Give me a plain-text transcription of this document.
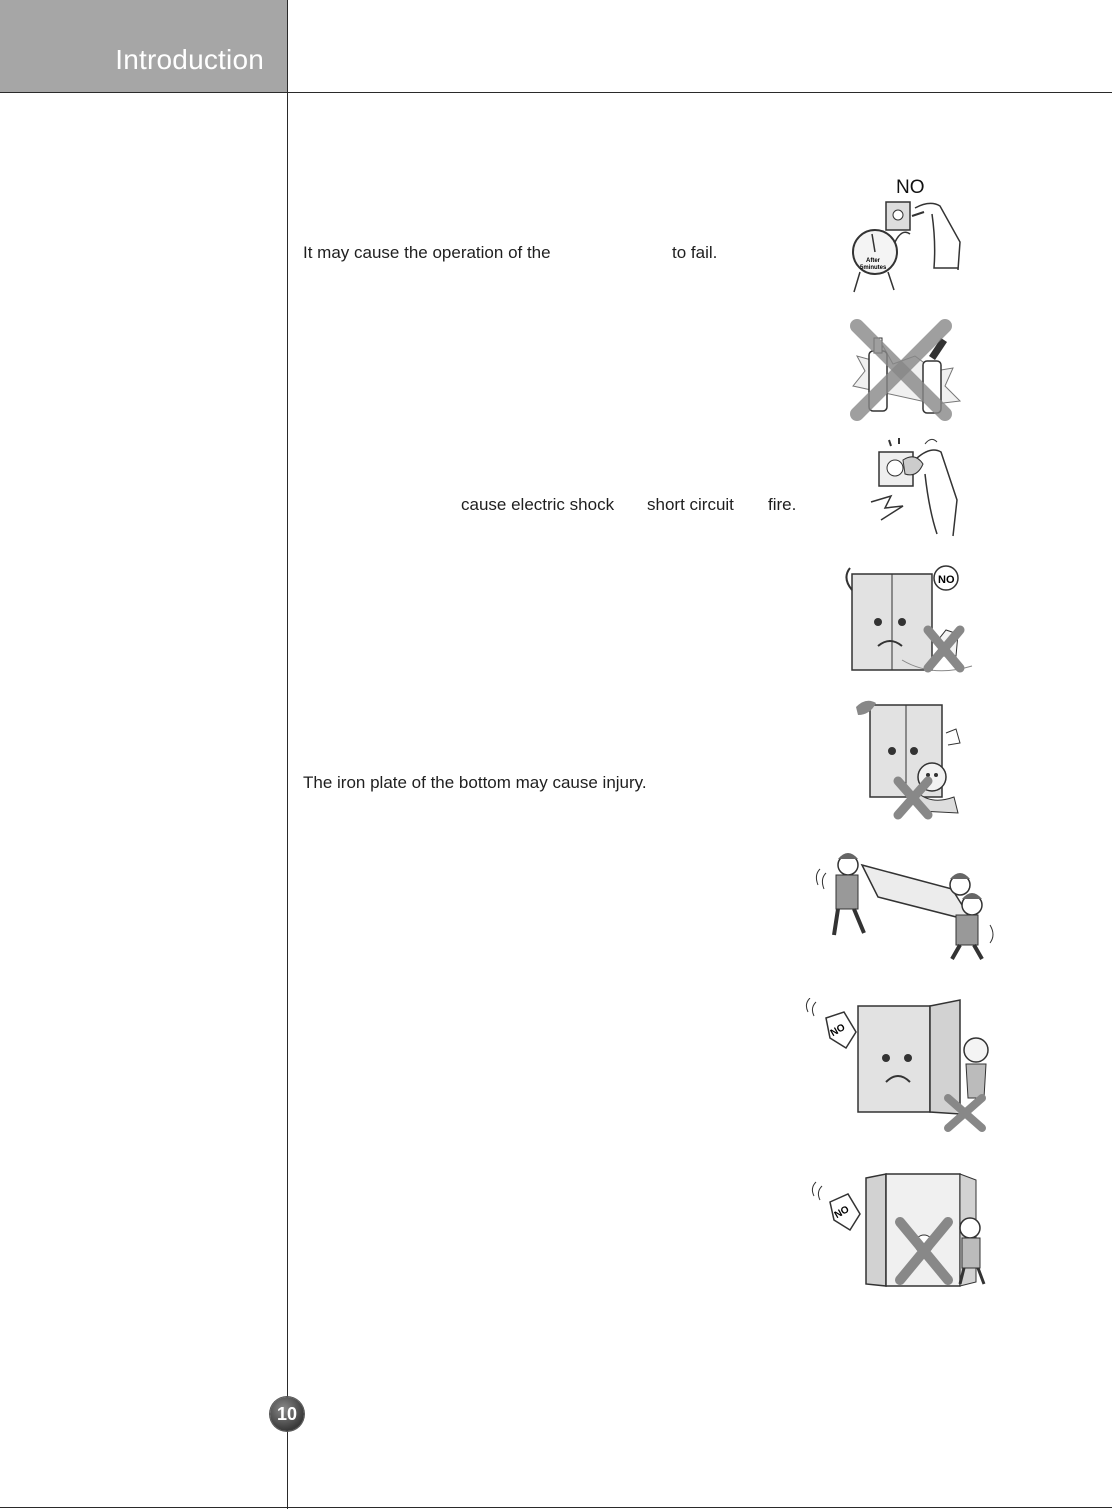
Introduction
It may cause the operation of the	to fail.
cause electric shock short circuit fire.
The iron plate of the bottom may cause injury.
NO
After
5minutes
NO
NO
NO
10
